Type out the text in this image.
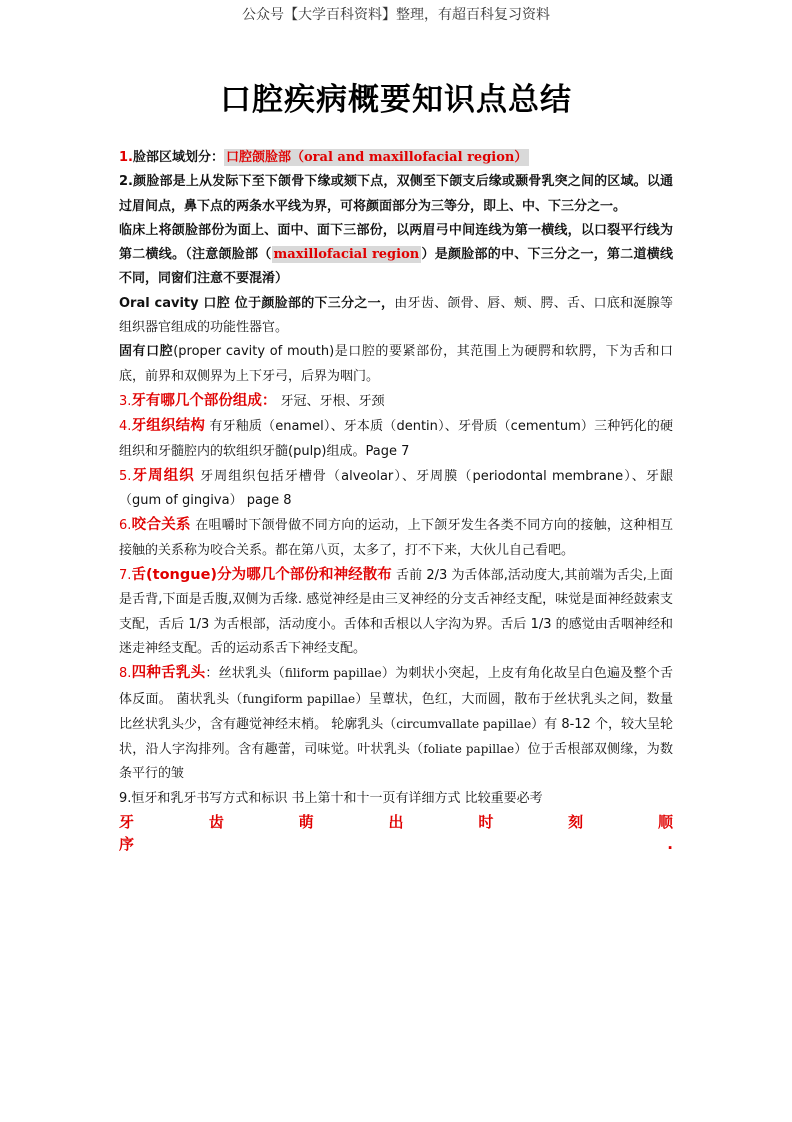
公众号【大学百科资料】整理，有超百科复习资料
口腔疾病概要知识点总结

1.脸部区域划分： 口腔颌脸部（oral and maxillofacial region）

2.颜脸部是上从发际下至下颌骨下缘或颏下点，双侧至下颌支后缘或颞骨乳突之间的区域。以通过眉间点，鼻下点的两条水平线为界，可将颜面部分为三等分，即上、中、下三分之一。

临床上将颌脸部份为面上、面中、面下三部份，以两眉弓中间连线为第一横线，以口裂平行线为第二横线。（注意颌脸部（ maxillofacial region ）是颜脸部的中、下三分之一，第二道横线不同，同窗们注意不要混淆）

Oral cavity 口腔 位于颜脸部的下三分之一，由牙齿、颌骨、唇、颊、腭、舌、口底和涎腺等组织器官组成的功能性器官。

固有口腔(proper cavity of mouth)是口腔的要紧部份，其范围上为硬腭和软腭，下为舌和口底，前界和双侧界为上下牙弓，后界为咽门。

3.牙有哪几个部份组成： 牙冠、牙根、牙颈

4.牙组织结构 有牙釉质（enamel）、牙本质（dentin）、牙骨质（cementum）三种钙化的硬组织和牙髓腔内的软组织牙髓(pulp)组成。Page 7

5.牙周组织 牙周组织包括牙槽骨（alveolar）、牙周膜（periodontal membrane）、牙龈（gum of gingiva） page 8

6.咬合关系 在咀嚼时下颌骨做不同方向的运动，上下颌牙发生各类不同方向的接触，这种相互接触的关系称为咬合关系。都在第八页，太多了，打不下来，大伙儿自己看吧。

7.舌(tongue)分为哪几个部份和神经散布 舌前 2/3 为舌体部,活动度大,其前端为舌尖,上面是舌背,下面是舌腹,双侧为舌缘. 感觉神经是由三叉神经的分支舌神经支配，味觉是面神经鼓索支支配，舌后 1/3 为舌根部，活动度小。舌体和舌根以人字沟为界。舌后 1/3 的感觉由舌咽神经和迷走神经支配。舌的运动系舌下神经支配。

8.四种舌乳头：丝状乳头（filiform papillae）为刺状小突起，上皮有角化故呈白色遍及整个舌体反面。 菌状乳头（fungiform papillae）呈蕈状，色红，大而圆，散布于丝状乳头之间，数量比丝状乳头少，含有趣觉神经末梢。 轮廓乳头（circumvallate papillae）有 8-12 个，较大呈轮状，沿人字沟排列。含有趣蕾，司味觉。叶状乳头（foliate papillae）位于舌根部双侧缘，为数条平行的皱

9.恒牙和乳牙书写方式和标识 书上第十和十一页有详细方式 比较重要必考

牙	齿	萌	出	时	刻	顺
序	.
